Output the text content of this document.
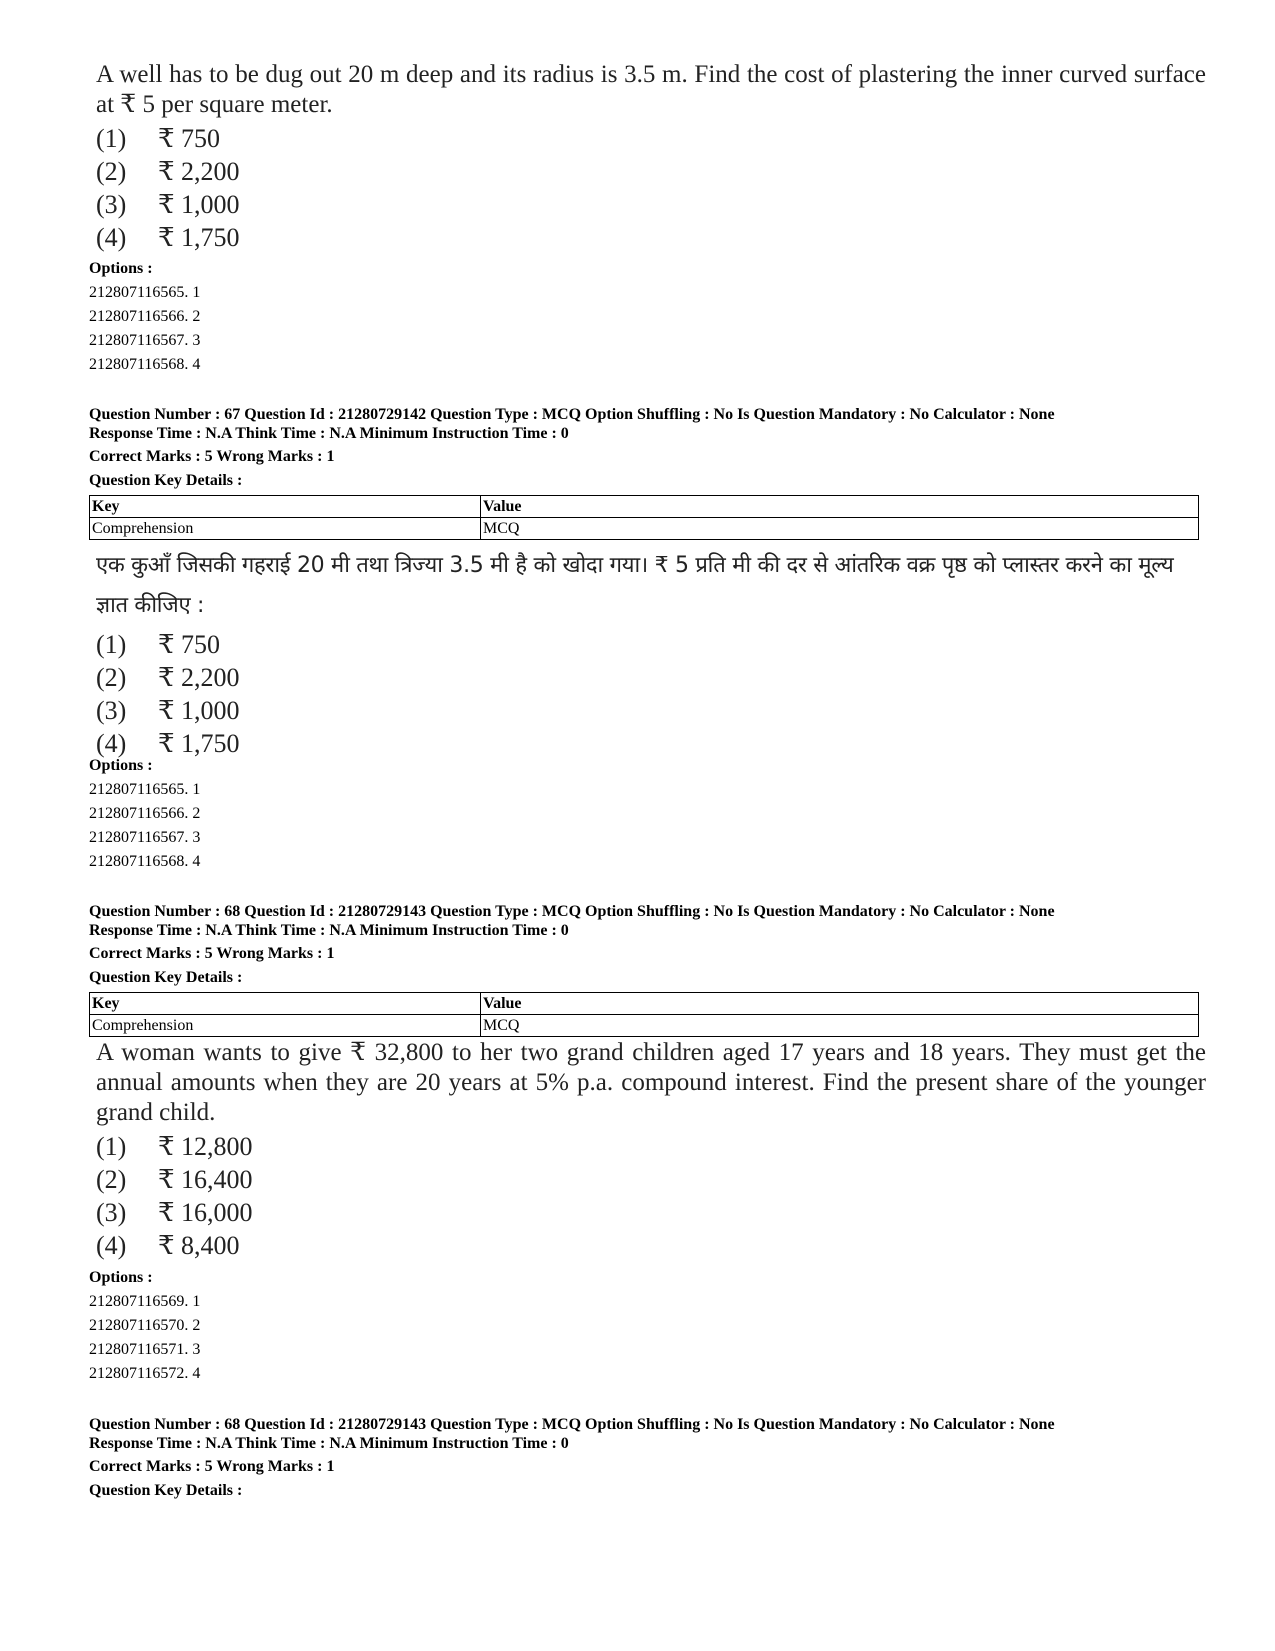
A well has to be dug out 20 m deep and its radius is 3.5 m. Find the cost of plastering the inner curved surface at ₹ 5 per square meter.

(1)	₹ 750
(2)	₹ 2,200
(3)	₹ 1,000
(4)	₹ 1,750
Options :
212807116565. 1
212807116566. 2
212807116567. 3
212807116568. 4
Question Number : 67 Question Id : 21280729142 Question Type : MCQ Option Shuffling : No Is Question Mandatory : No Calculator : None
Response Time : N.A Think Time : N.A Minimum Instruction Time : 0
Correct Marks : 5 Wrong Marks : 1
Question Key Details :
Key	Value
Comprehension	MCQ

एक कुआँ जिसकी गहराई 20 मी तथा त्रिज्या 3.5 मी है को खोदा गया। ₹ 5 प्रति मी की दर से आंतरिक वक्र पृष्ठ को प्लास्तर करने का मूल्य ज्ञात कीजिए :

(1)	₹ 750
(2)	₹ 2,200
(3)	₹ 1,000
(4)	₹ 1,750
Options :
212807116565. 1
212807116566. 2
212807116567. 3
212807116568. 4
Question Number : 68 Question Id : 21280729143 Question Type : MCQ Option Shuffling : No Is Question Mandatory : No Calculator : None
Response Time : N.A Think Time : N.A Minimum Instruction Time : 0
Correct Marks : 5 Wrong Marks : 1
Question Key Details :
Key	Value
Comprehension	MCQ

A woman wants to give ₹ 32,800 to her two grand children aged 17 years and 18 years. They must get the annual amounts when they are 20 years at 5% p.a. compound interest. Find the present share of the younger grand child.

(1)	₹ 12,800
(2)	₹ 16,400
(3)	₹ 16,000
(4)	₹ 8,400
Options :
212807116569. 1
212807116570. 2
212807116571. 3
212807116572. 4
Question Number : 68 Question Id : 21280729143 Question Type : MCQ Option Shuffling : No Is Question Mandatory : No Calculator : None
Response Time : N.A Think Time : N.A Minimum Instruction Time : 0
Correct Marks : 5 Wrong Marks : 1
Question Key Details :
